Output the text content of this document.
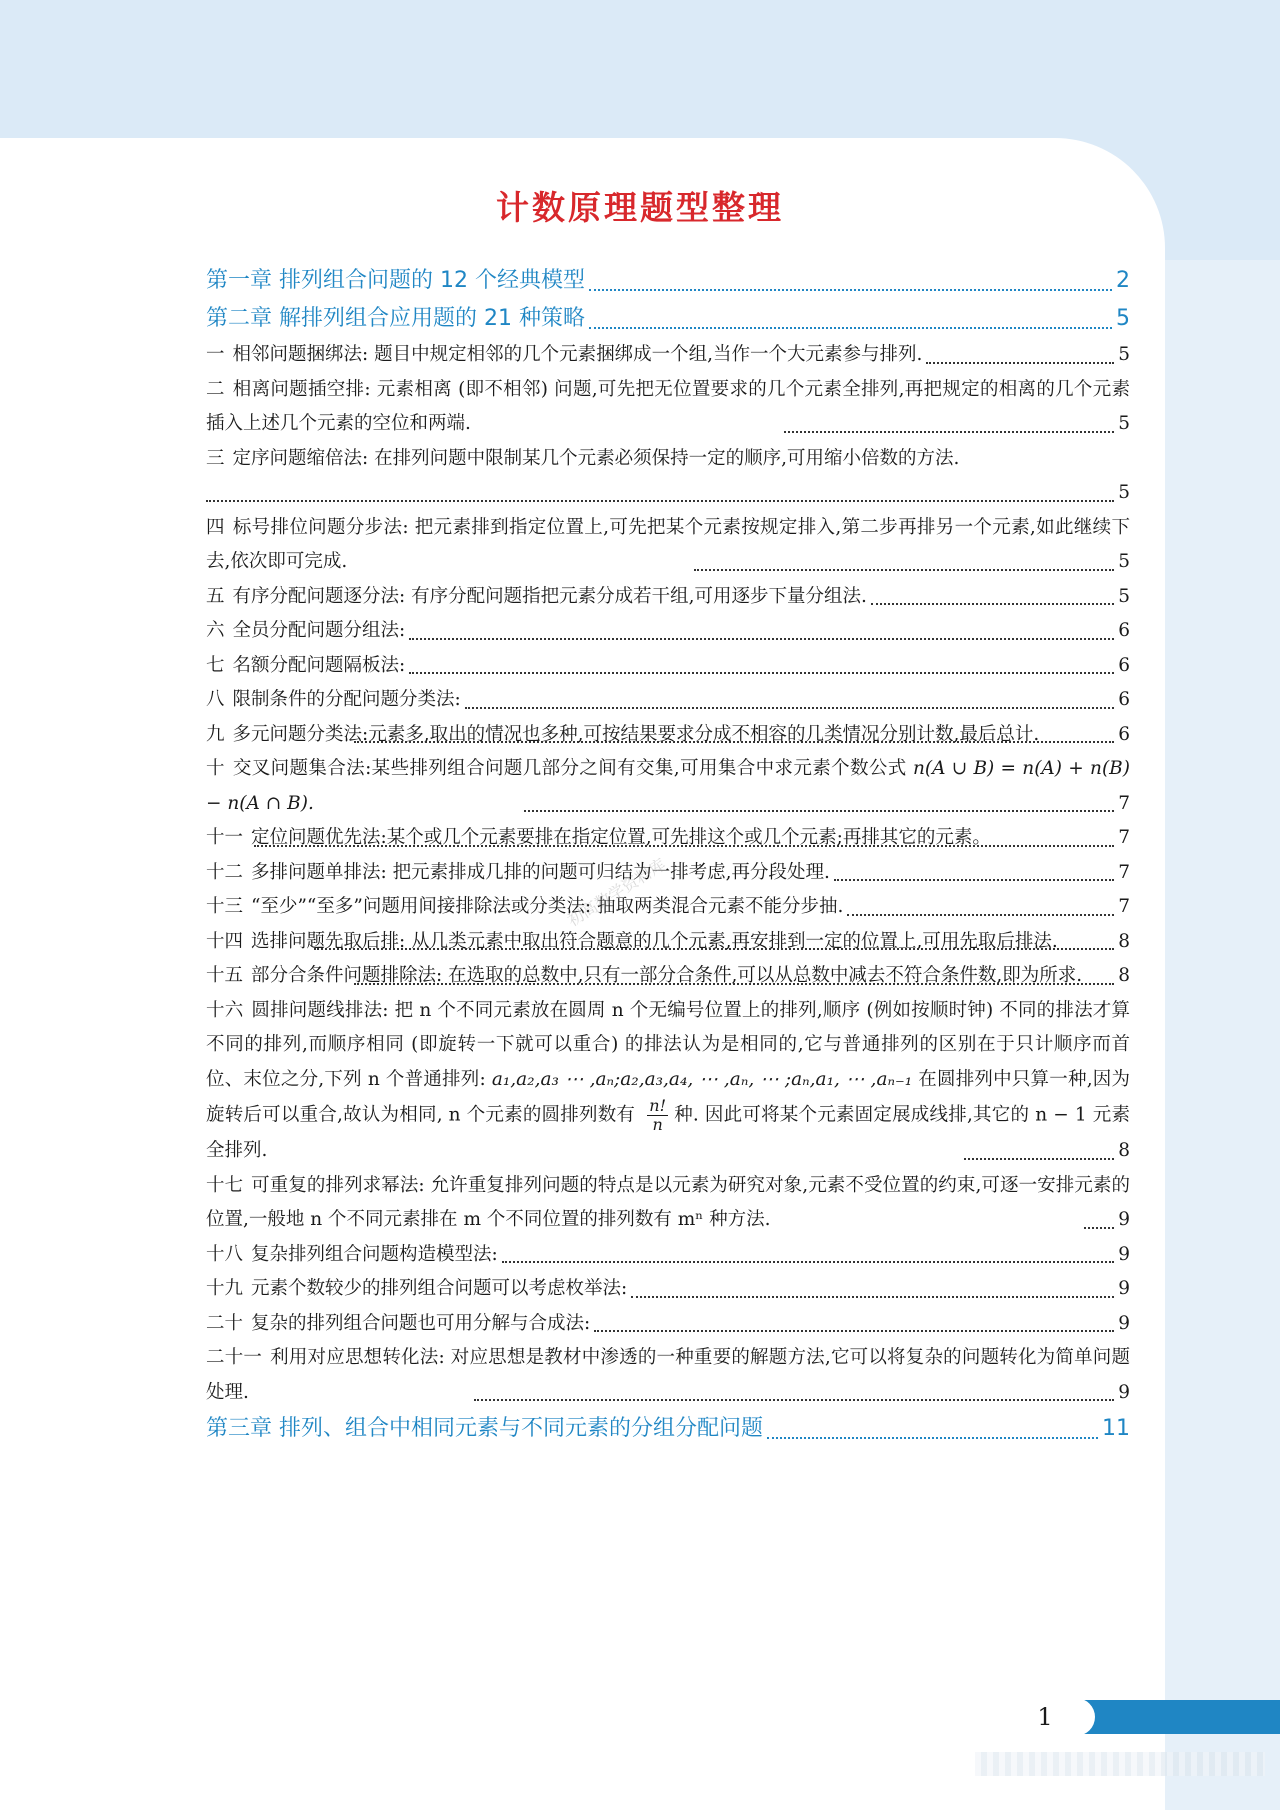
计数原理题型整理
第一章 排列组合问题的 12 个经典模型	2
第二章 解排列组合应用题的 21 种策略	5
一 相邻问题捆绑法: 题目中规定相邻的几个元素捆绑成一个组,当作一个大元素参与排列.	5
二 相离问题插空排: 元素相离 (即不相邻) 问题,可先把无位置要求的几个元素全排列,再把规定的相离的几个元素插入上述几个元素的空位和两端.	5
三 定序问题缩倍法: 在排列问题中限制某几个元素必须保持一定的顺序,可用缩小倍数的方法.
5
四 标号排位问题分步法: 把元素排到指定位置上,可先把某个元素按规定排入,第二步再排另一个元素,如此继续下去,依次即可完成.	5
五 有序分配问题逐分法: 有序分配问题指把元素分成若干组,可用逐步下量分组法.	5
六 全员分配问题分组法:	6
七 名额分配问题隔板法:	6
八 限制条件的分配问题分类法:	6
九 多元问题分类法:元素多,取出的情况也多种,可按结果要求分成不相容的几类情况分别计数,最后总计.	6
十 交叉问题集合法:某些排列组合问题几部分之间有交集,可用集合中求元素个数公式 n(A ∪ B) = n(A) + n(B) − n(A ∩ B).	7
十一 定位问题优先法:某个或几个元素要排在指定位置,可先排这个或几个元素;再排其它的元素。	7
十二 多排问题单排法: 把元素排成几排的问题可归结为一排考虑,再分段处理.	7
十三 “至少”“至多”问题用间接排除法或分类法: 抽取两类混合元素不能分步抽.	7
十四 选排问题先取后排: 从几类元素中取出符合题意的几个元素,再安排到一定的位置上,可用先取后排法.	8
十五 部分合条件问题排除法: 在选取的总数中,只有一部分合条件,可以从总数中减去不符合条件数,即为所求.	8
十六 圆排问题线排法: 把 n 个不同元素放在圆周 n 个无编号位置上的排列,顺序 (例如按顺时钟) 不同的排法才算不同的排列,而顺序相同 (即旋转一下就可以重合) 的排法认为是相同的,它与普通排列的区别在于只计顺序而首位、末位之分,下列 n 个普通排列: a₁,a₂,a₃ ⋯ ,aₙ;a₂,a₃,a₄, ⋯ ,aₙ, ⋯ ;aₙ,a₁, ⋯ ,aₙ₋₁ 在圆排列中只算一种,因为旋转后可以重合,故认为相同, n 个元素的圆排列数有 $\frac{n!}{n}$ 种. 因此可将某个元素固定展成线排,其它的 n − 1 元素全排列.	8
十七 可重复的排列求幂法: 允许重复排列问题的特点是以元素为研究对象,元素不受位置的约束,可逐一安排元素的位置,一般地 n 个不同元素排在 m 个不同位置的排列数有 mⁿ 种方法.	9
十八 复杂排列组合问题构造模型法:	9
十九 元素个数较少的排列组合问题可以考虑枚举法:	9
二十 复杂的排列组合问题也可用分解与合成法:	9
二十一 利用对应思想转化法: 对应思想是教材中渗透的一种重要的解题方法,它可以将复杂的问题转化为简单问题处理.	9
第三章 排列、组合中相同元素与不同元素的分组分配问题	11
初高数学资料库
1
